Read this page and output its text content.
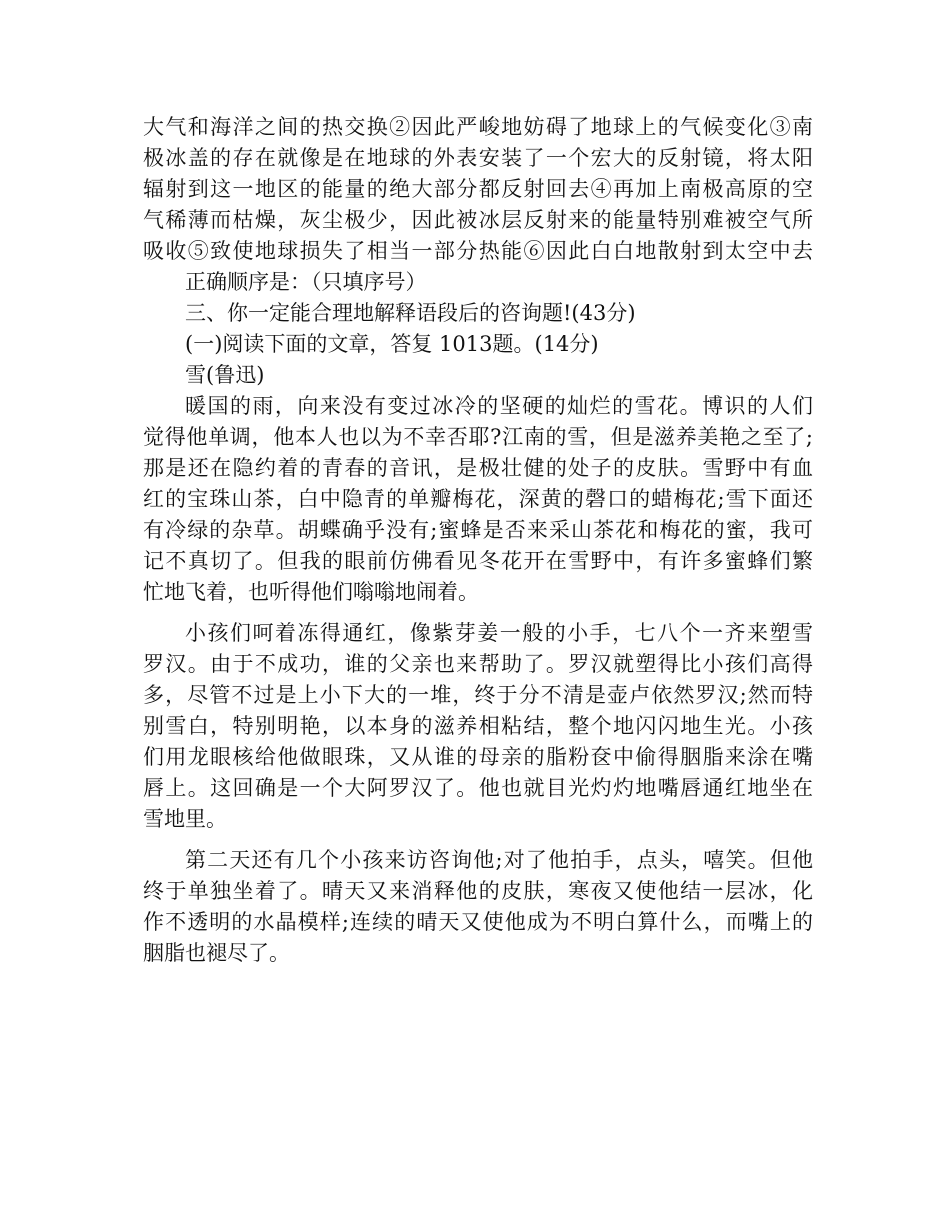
大气和海洋之间的热交换②因此严峻地妨碍了地球上的气候变化③南
极冰盖的存在就像是在地球的外表安装了一个宏大的反射镜，将太阳
辐射到这一地区的能量的绝大部分都反射回去④再加上南极高原的空
气稀薄而枯燥，灰尘极少，因此被冰层反射来的能量特别难被空气所
吸收⑤致使地球损失了相当一部分热能⑥因此白白地散射到太空中去
正确顺序是：（只填序号）
三、你一定能合理地解释语段后的咨询题!(43分)
(一)阅读下面的文章，答复 1013题。(14分)
雪(鲁迅)
暖国的雨，向来没有变过冰冷的坚硬的灿烂的雪花。博识的人们
觉得他单调，他本人也以为不幸否耶?江南的雪，但是滋养美艳之至了;
那是还在隐约着的青春的音讯，是极壮健的处子的皮肤。雪野中有血
红的宝珠山茶，白中隐青的单瓣梅花，深黄的磬口的蜡梅花;雪下面还
有冷绿的杂草。胡蝶确乎没有;蜜蜂是否来采山茶花和梅花的蜜，我可
记不真切了。但我的眼前仿佛看见冬花开在雪野中，有许多蜜蜂们繁
忙地飞着，也听得他们嗡嗡地闹着。
小孩们呵着冻得通红，像紫芽姜一般的小手，七八个一齐来塑雪
罗汉。由于不成功，谁的父亲也来帮助了。罗汉就塑得比小孩们高得
多，尽管不过是上小下大的一堆，终于分不清是壶卢依然罗汉;然而特
别雪白，特别明艳，以本身的滋养相粘结，整个地闪闪地生光。小孩
们用龙眼核给他做眼珠，又从谁的母亲的脂粉奁中偷得胭脂来涂在嘴
唇上。这回确是一个大阿罗汉了。他也就目光灼灼地嘴唇通红地坐在
雪地里。
第二天还有几个小孩来访咨询他;对了他拍手，点头，嘻笑。但他
终于单独坐着了。晴天又来消释他的皮肤，寒夜又使他结一层冰，化
作不透明的水晶模样;连续的晴天又使他成为不明白算什么，而嘴上的
胭脂也褪尽了。
